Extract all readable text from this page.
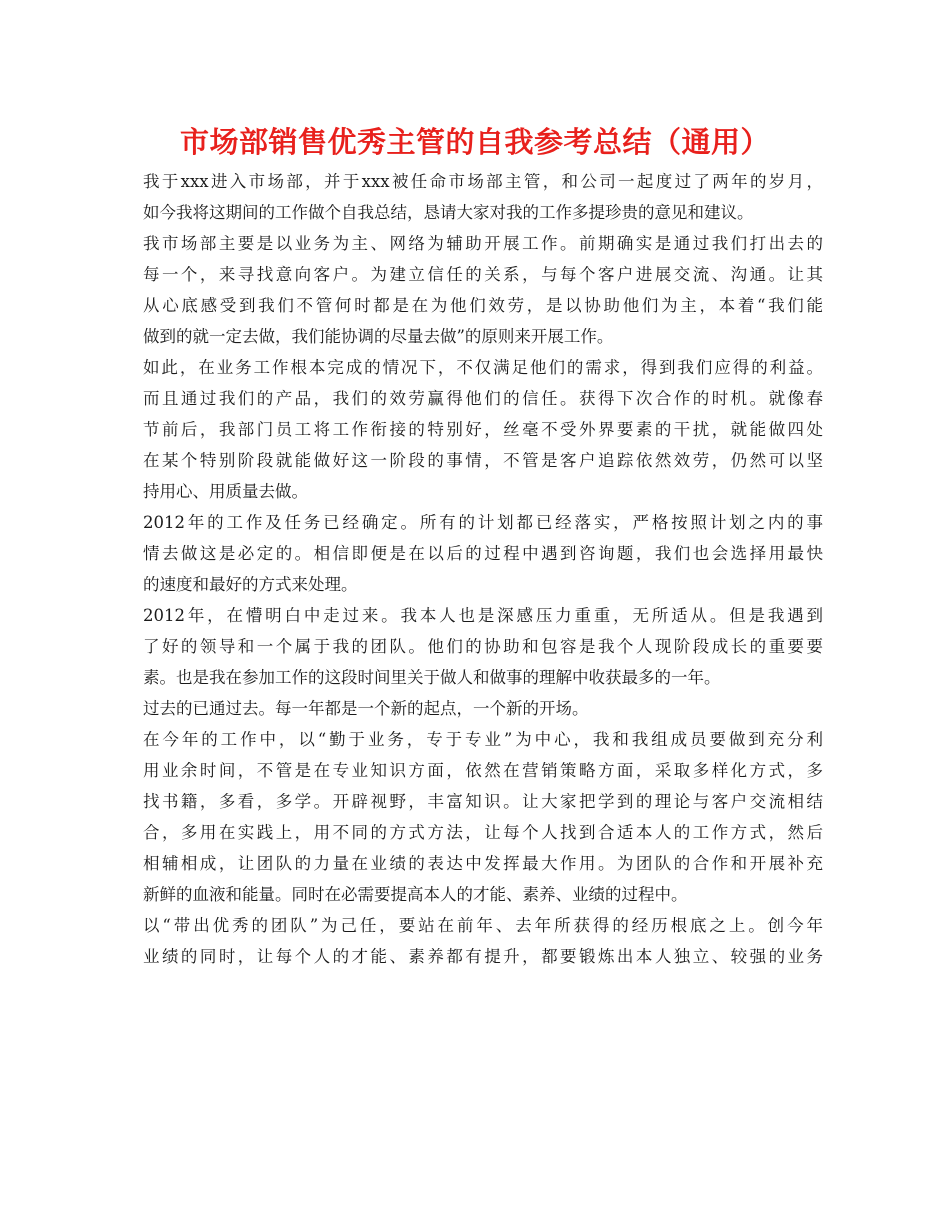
市场部销售优秀主管的自我参考总结（通用）
我于xxx进入市场部，并于xxx被任命市场部主管，和公司一起度过了两年的岁月，
如今我将这期间的工作做个自我总结，恳请大家对我的工作多提珍贵的意见和建议。
我市场部主要是以业务为主、网络为辅助开展工作。前期确实是通过我们打出去的
每一个，来寻找意向客户。为建立信任的关系，与每个客户进展交流、沟通。让其
从心底感受到我们不管何时都是在为他们效劳，是以协助他们为主，本着“我们能
做到的就一定去做，我们能协调的尽量去做”的原则来开展工作。
如此，在业务工作根本完成的情况下，不仅满足他们的需求，得到我们应得的利益。
而且通过我们的产品，我们的效劳赢得他们的信任。获得下次合作的时机。就像春
节前后，我部门员工将工作衔接的特别好，丝毫不受外界要素的干扰，就能做四处
在某个特别阶段就能做好这一阶段的事情，不管是客户追踪依然效劳，仍然可以坚
持用心、用质量去做。
2012年的工作及任务已经确定。所有的计划都已经落实，严格按照计划之内的事
情去做这是必定的。相信即便是在以后的过程中遇到咨询题，我们也会选择用最快
的速度和最好的方式来处理。
2012年，在懵明白中走过来。我本人也是深感压力重重，无所适从。但是我遇到
了好的领导和一个属于我的团队。他们的协助和包容是我个人现阶段成长的重要要
素。也是我在参加工作的这段时间里关于做人和做事的理解中收获最多的一年。
过去的已通过去。每一年都是一个新的起点，一个新的开场。
在今年的工作中，以“勤于业务，专于专业”为中心，我和我组成员要做到充分利
用业余时间，不管是在专业知识方面，依然在营销策略方面，采取多样化方式，多
找书籍，多看，多学。开辟视野，丰富知识。让大家把学到的理论与客户交流相结
合，多用在实践上，用不同的方式方法，让每个人找到合适本人的工作方式，然后
相辅相成，让团队的力量在业绩的表达中发挥最大作用。为团队的合作和开展补充
新鲜的血液和能量。同时在必需要提高本人的才能、素养、业绩的过程中。
以“带出优秀的团队”为己任，要站在前年、去年所获得的经历根底之上。创今年
业绩的同时，让每个人的才能、素养都有提升，都要锻炼出本人独立、较强的业务
